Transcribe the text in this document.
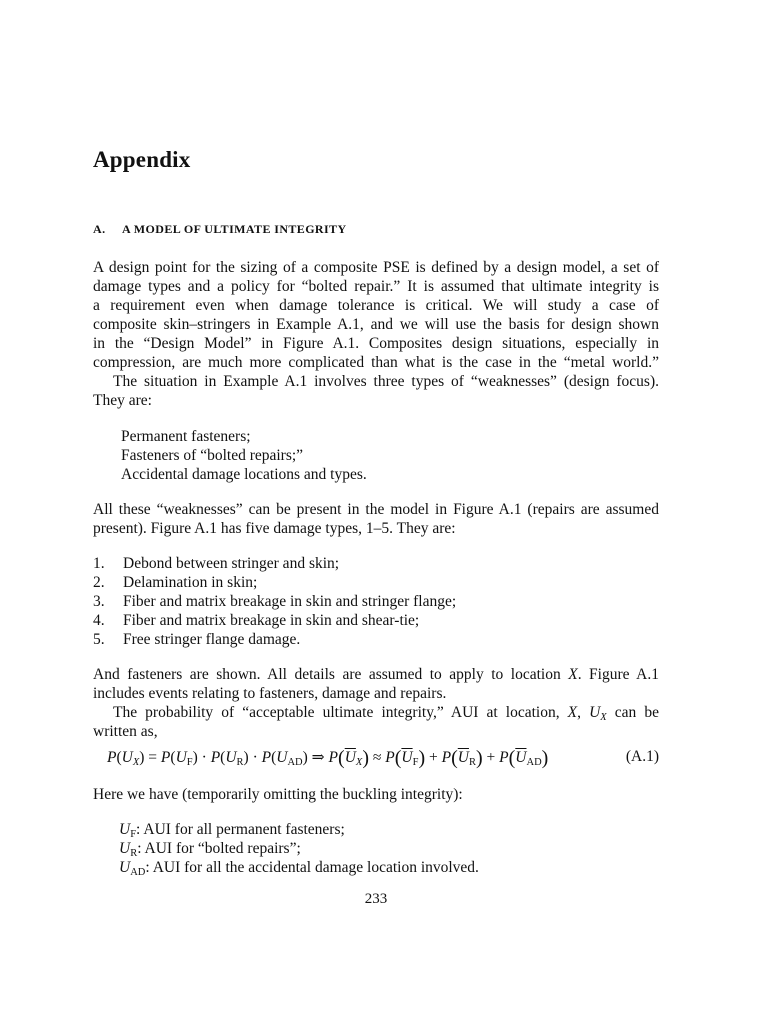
Appendix
A. A MODEL OF ULTIMATE INTEGRITY
A design point for the sizing of a composite PSE is defined by a design model, a set of
damage types and a policy for “bolted repair.” It is assumed that ultimate integrity is
a requirement even when damage tolerance is critical. We will study a case of
composite skin–stringers in Example A.1, and we will use the basis for design shown
in the “Design Model” in Figure A.1. Composites design situations, especially in
compression, are much more complicated than what is the case in the “metal world.”
The situation in Example A.1 involves three types of “weaknesses” (design focus).
They are:
Permanent fasteners;
Fasteners of “bolted repairs;”
Accidental damage locations and types.
All these “weaknesses” can be present in the model in Figure A.1 (repairs are assumed
present). Figure A.1 has five damage types, 1–5. They are:
1. Debond between stringer and skin;
2. Delamination in skin;
3. Fiber and matrix breakage in skin and stringer flange;
4. Fiber and matrix breakage in skin and shear-tie;
5. Free stringer flange damage.
And fasteners are shown. All details are assumed to apply to location X. Figure A.1
includes events relating to fasteners, damage and repairs.
The probability of “acceptable ultimate integrity,” AUI at location, X, $U_X$ can be
written as,
$P(U_X) = P(U_F) \cdot P(U_R) \cdot P(U_{AD})$ ⇒ $P(\overline{U}_X) \approx P(\overline{U}_F) + P(\overline{U}_R) + P(\overline{U}_{AD})$	(A.1)
Here we have (temporarily omitting the buckling integrity):
$U_F$: AUI for all permanent fasteners;
$U_R$: AUI for “bolted repairs”;
$U_{AD}$: AUI for all the accidental damage location involved.
233
